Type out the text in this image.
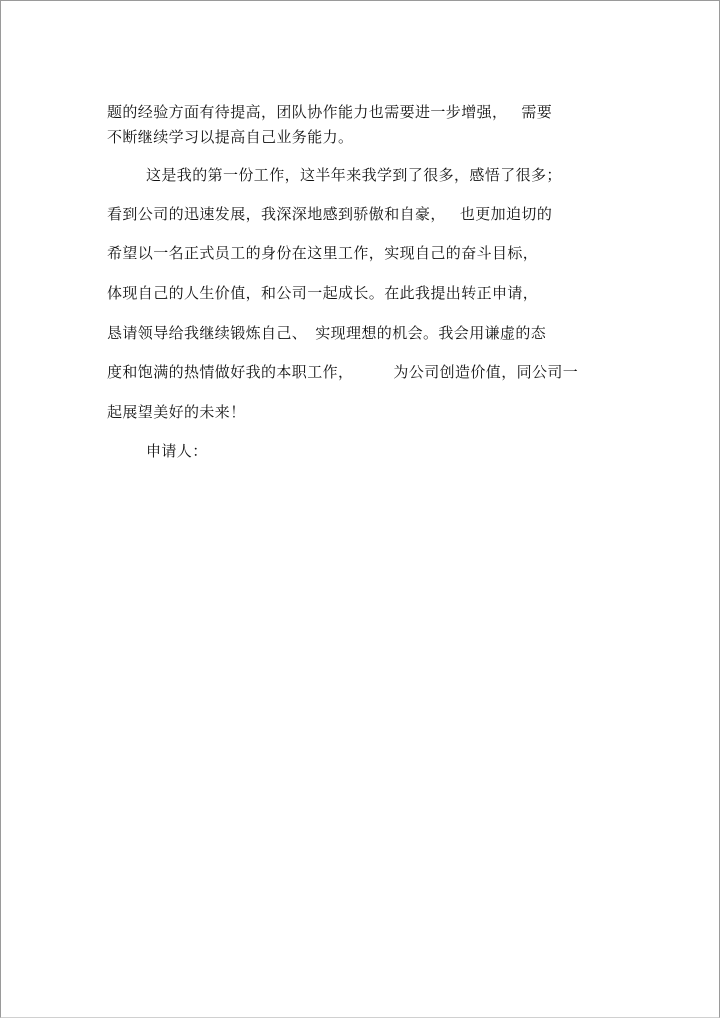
题的经验方面有待提高，团队协作能力也需要进一步增强， 需要
不断继续学习以提高自己业务能力。
这是我的第一份工作，这半年来我学到了很多，感悟了很多；
看到公司的迅速发展，我深深地感到骄傲和自豪， 也更加迫切的
希望以一名正式员工的身份在这里工作，实现自己的奋斗目标，
体现自己的人生价值，和公司一起成长。在此我提出转正申请，
恳请领导给我继续锻炼自己、 实现理想的机会。我会用谦虚的态
度和饱满的热情做好我的本职工作，	为公司创造价值，同公司一
起展望美好的未来！
申请人：
